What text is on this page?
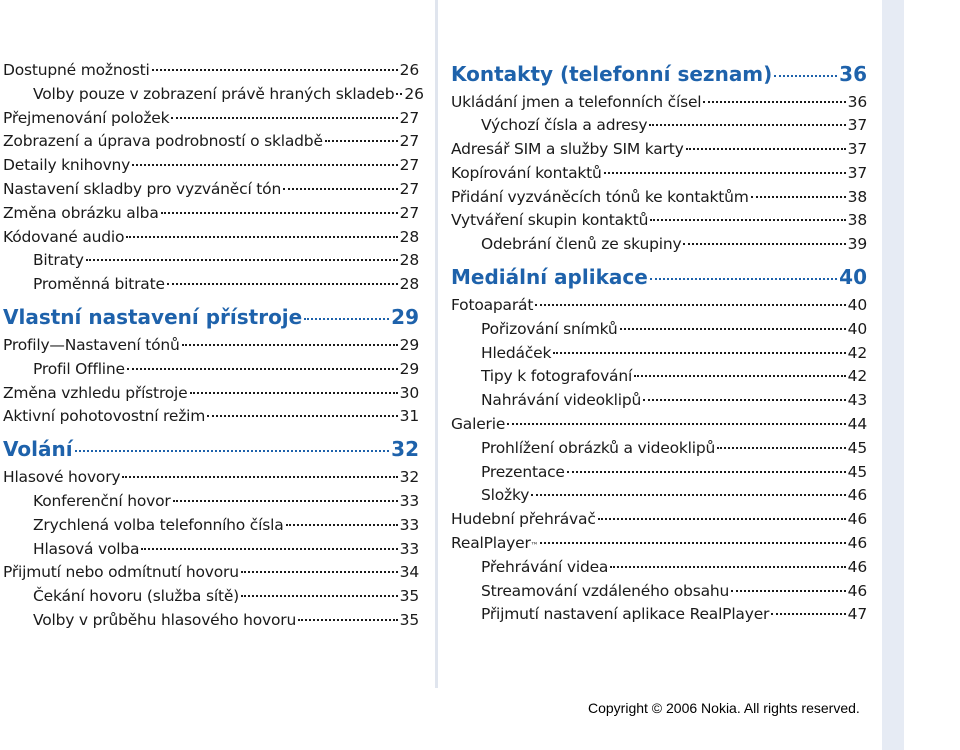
Dostupné možnosti	26
Volby pouze v zobrazení právě hraných skladeb 26
Přejmenování položek	27
Zobrazení a úprava podrobností o skladbě	27
Detaily knihovny	27
Nastavení skladby pro vyzváněcí tón	27
Změna obrázku alba	27
Kódované audio	28
Bitraty	28
Proměnná bitrate	28
Vlastní nastavení přístroje	29
Profily—Nastavení tónů	29
Profil Offline	29
Změna vzhledu přístroje	30
Aktivní pohotovostní režim	31
Volání	32
Hlasové hovory	32
Konferenční hovor	33
Zrychlená volba telefonního čísla	33
Hlasová volba	33
Přijmutí nebo odmítnutí hovoru	34
Čekání hovoru (služba sítě)	35
Volby v průběhu hlasového hovoru	35
Kontakty (telefonní seznam)	36
Ukládání jmen a telefonních čísel	36
Výchozí čísla a adresy	37
Adresář SIM a služby SIM karty	37
Kopírování kontaktů	37
Přidání vyzváněcích tónů ke kontaktům	38
Vytváření skupin kontaktů	38
Odebrání členů ze skupiny	39
Mediální aplikace	40
Fotoaparát	40
Pořizování snímků	40
Hledáček	42
Tipy k fotografování	42
Nahrávání videoklipů	43
Galerie	44
Prohlížení obrázků a videoklipů	45
Prezentace	45
Složky	46
Hudební přehrávač	46
RealPlayer ™	46
Přehrávání videa	46
Streamování vzdáleného obsahu	46
Přijmutí nastavení aplikace RealPlayer	47
Copyright © 2006 Nokia. All rights reserved.
